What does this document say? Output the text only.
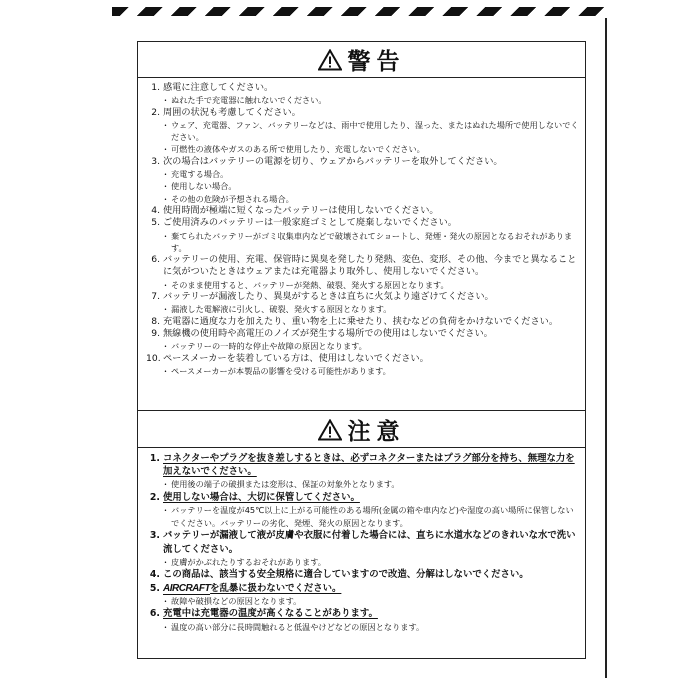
警告
1. 感電に注意してください。
・ ぬれた手で充電器に触れないでください。
2. 周囲の状況も考慮してください。
・ ウェア、充電器、ファン、バッテリーなどは、雨中で使用したり、湿った、またはぬれた場所で使用しないでください。
・ 可燃性の液体やガスのある所で使用したり、充電しないでください。
3. 次の場合はバッテリーの電源を切り、ウェアからバッテリーを取外してください。
・ 充電する場合。
・ 使用しない場合。
・ その他の危険が予想される場合。
4. 使用時間が極端に短くなったバッテリーは使用しないでください。
5. ご使用済みのバッテリーは一般家庭ゴミとして廃棄しないでください。
・ 棄てられたバッテリーがゴミ収集車内などで破壊されてショートし、発煙・発火の原因となるおそれがあります。
6. バッテリーの使用、充電、保管時に異臭を発したり発熱、変色、変形、その他、今までと異なることに気がついたときはウェアまたは充電器より取外し、使用しないでください。
・ そのまま使用すると、バッテリーが発熱、破裂、発火する原因となります。
7. バッテリーが漏液したり、異臭がするときは直ちに火気より遠ざけてください。
・ 漏液した電解液に引火し、破裂、発火する原因となります。
8. 充電器に過度な力を加えたり、重い物を上に乗せたり、挟むなどの負荷をかけないでください。
9. 無線機の使用時や高電圧のノイズが発生する場所での使用はしないでください。
・ バッテリーの一時的な停止や故障の原因となります。
10. ペースメーカーを装着している方は、使用はしないでください。
・ ペースメーカーが本製品の影響を受ける可能性があります。
注意
1. コネクターやプラグを抜き差しするときは、必ずコネクターまたはプラグ部分を持ち、無理な力を加えないでください。
・ 使用後の端子の破損または変形は、保証の対象外となります。
2. 使用しない場合は、大切に保管してください。
・ バッテリーを温度が45℃以上に上がる可能性のある場所(金属の箱や車内など)や湿度の高い場所に保管しないでください。バッテリーの劣化、発煙、発火の原因となります。
3. バッテリーが漏液して液が皮膚や衣服に付着した場合には、直ちに水道水などのきれいな水で洗い流してください。
・ 皮膚がかぶれたりするおそれがあります。
4. この商品は、該当する安全規格に適合していますので改造、分解はしないでください。
5. AIRCRAFTを乱暴に扱わないでください。
・ 故障や破損などの原因となります。
6. 充電中は充電器の温度が高くなることがあります。
・ 温度の高い部分に長時間触れると低温やけどなどの原因となります。
